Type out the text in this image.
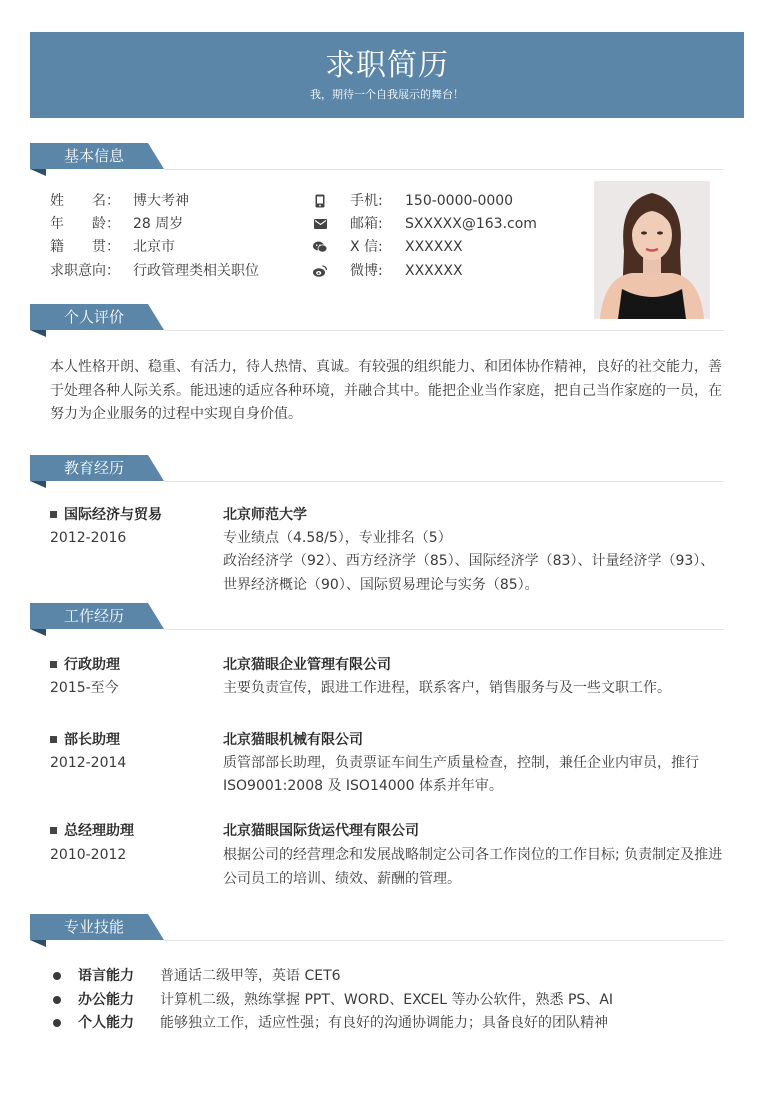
求职简历
我，期待一个自我展示的舞台！
基本信息
姓　　名： 博大考神
年　　龄： 28 周岁
籍　　贯： 北京市
求职意向： 行政管理类相关职位
手机: 150-0000-0000
邮箱: SXXXXX@163.com
X 信: XXXXXX
微博: XXXXXX
个人评价
本人性格开朗、稳重、有活力，待人热情、真诚。有较强的组织能力、和团体协作精神，良好的社交能力，善
于处理各种人际关系。能迅速的适应各种环境，并融合其中。能把企业当作家庭，把自己当作家庭的一员，在
努力为企业服务的过程中实现自身价值。
教育经历
国际经济与贸易
2012-2016
北京师范大学
专业绩点（4.58/5），专业排名（5）
政治经济学（92）、西方经济学（85）、国际经济学（83）、计量经济学（93）、
世界经济概论（90）、国际贸易理论与实务（85）。
工作经历
行政助理
2015-至今
北京猫眼企业管理有限公司
主要负责宣传，跟进工作进程，联系客户，销售服务与及一些文职工作。
部长助理
2012-2014
北京猫眼机械有限公司
质管部部长助理，负责票证车间生产质量检查，控制，兼任企业内审员，推行
ISO9001:2008 及 ISO14000 体系并年审。
总经理助理
2010-2012
北京猫眼国际货运代理有限公司
根据公司的经营理念和发展战略制定公司各工作岗位的工作目标; 负责制定及推进
公司员工的培训、绩效、薪酬的管理。
专业技能
语言能力 普通话二级甲等，英语 CET6
办公能力 计算机二级，熟练掌握 PPT、WORD、EXCEL 等办公软件，熟悉 PS、AI
个人能力 能够独立工作，适应性强；有良好的沟通协调能力；具备良好的团队精神
